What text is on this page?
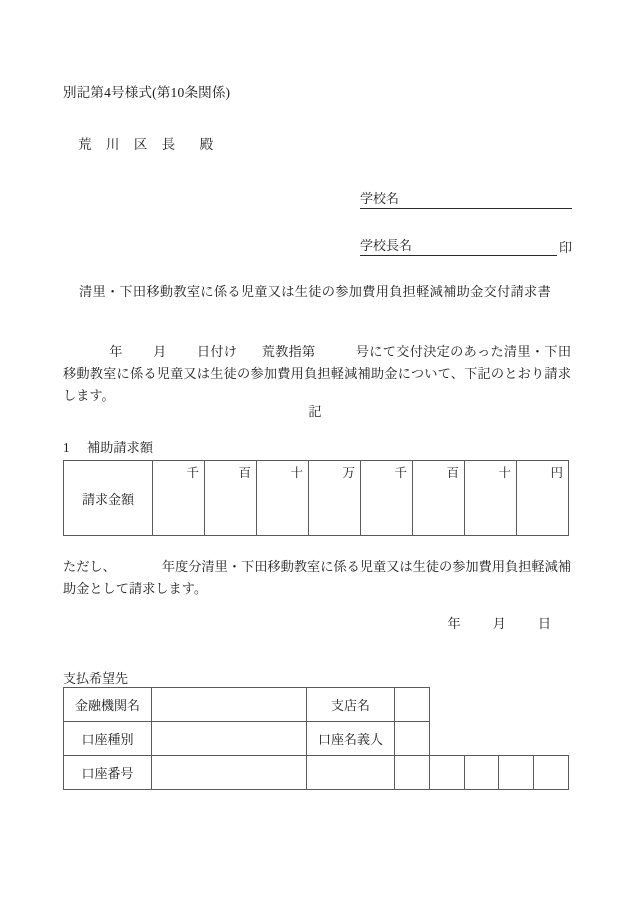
別記第4号様式(第10条関係)
荒 川 区 長　殿
学校名
学校長名	印
清里・下田移動教室に係る児童又は生徒の参加費用負担軽減補助金交付請求書
年 月 日付け 荒教指第	号にて交付決定のあった清里・下田移動教室に係る児童又は生徒の参加費用負担軽減補助金について、下記のとおり請求します。
記
1 補助請求額
請求金額	千	百	十	万	千	百	十	円
ただし、	年度分清里・下田移動教室に係る児童又は生徒の参加費用負担軽減補助金として請求します。
年 月 日
支払希望先
金融機関名		支店名					
口座種別		口座名義人					
口座番号							
